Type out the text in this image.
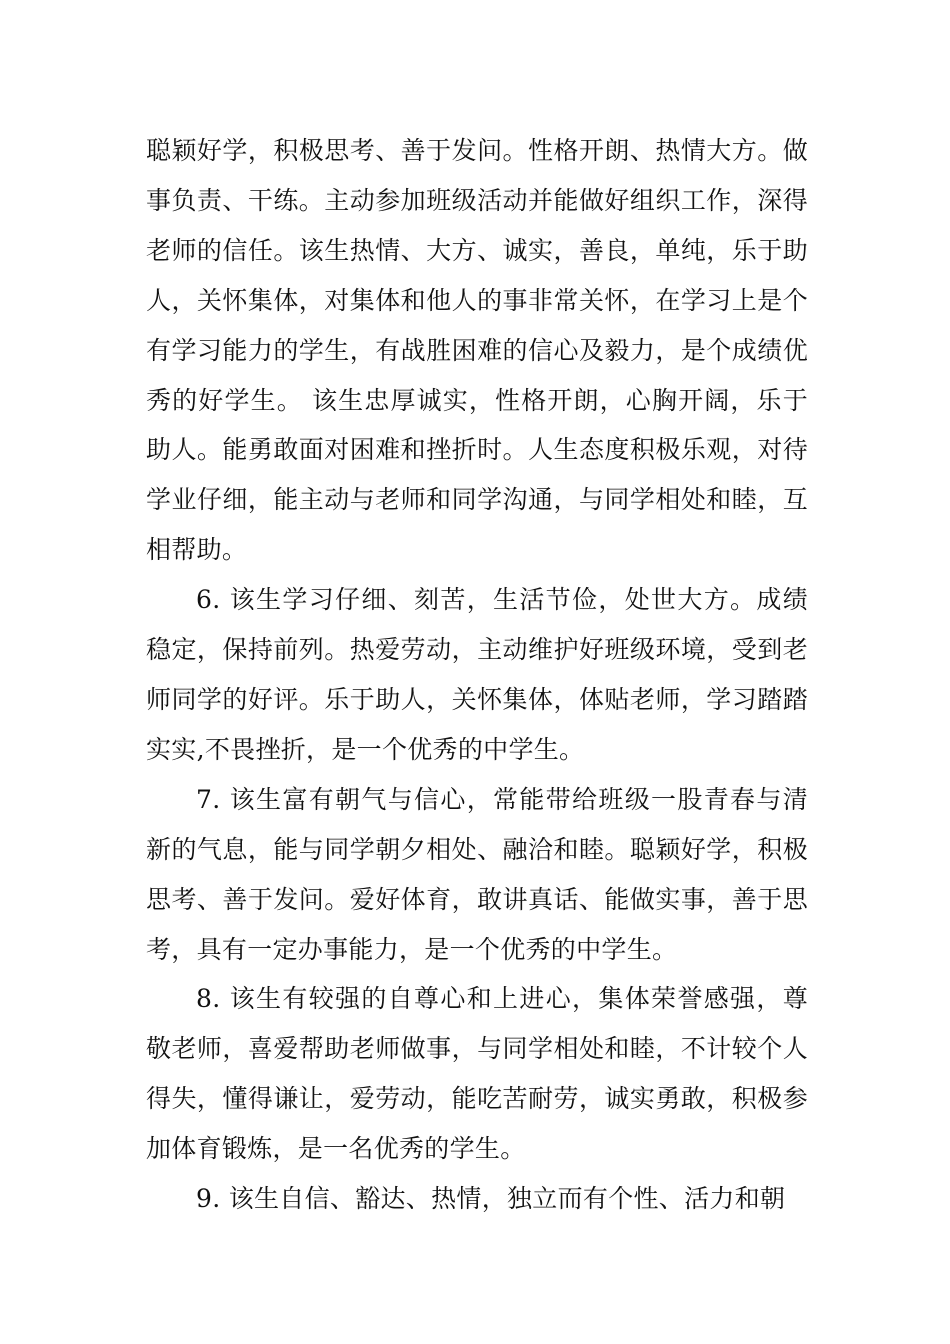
聪颖好学，积极思考、善于发问。性格开朗、热情大方。做事负责、干练。主动参加班级活动并能做好组织工作，深得老师的信任。该生热情、大方、诚实，善良，单纯，乐于助人，关怀集体，对集体和他人的事非常关怀，在学习上是个有学习能力的学生，有战胜困难的信心及毅力，是个成绩优秀的好学生。 该生忠厚诚实，性格开朗，心胸开阔，乐于助人。能勇敢面对困难和挫折时。人生态度积极乐观，对待学业仔细，能主动与老师和同学沟通，与同学相处和睦，互相帮助。

6. 该生学习仔细、刻苦，生活节俭，处世大方。成绩稳定，保持前列。热爱劳动，主动维护好班级环境，受到老师同学的好评。乐于助人，关怀集体，体贴老师，学习踏踏实实,不畏挫折，是一个优秀的中学生。

7. 该生富有朝气与信心，常能带给班级一股青春与清新的气息，能与同学朝夕相处、融洽和睦。聪颖好学，积极思考、善于发问。爱好体育，敢讲真话、能做实事，善于思考，具有一定办事能力，是一个优秀的中学生。

8. 该生有较强的自尊心和上进心，集体荣誉感强，尊敬老师，喜爱帮助老师做事，与同学相处和睦，不计较个人得失，懂得谦让，爱劳动，能吃苦耐劳，诚实勇敢，积极参加体育锻炼，是一名优秀的学生。

9. 该生自信、豁达、热情，独立而有个性、活力和朝
